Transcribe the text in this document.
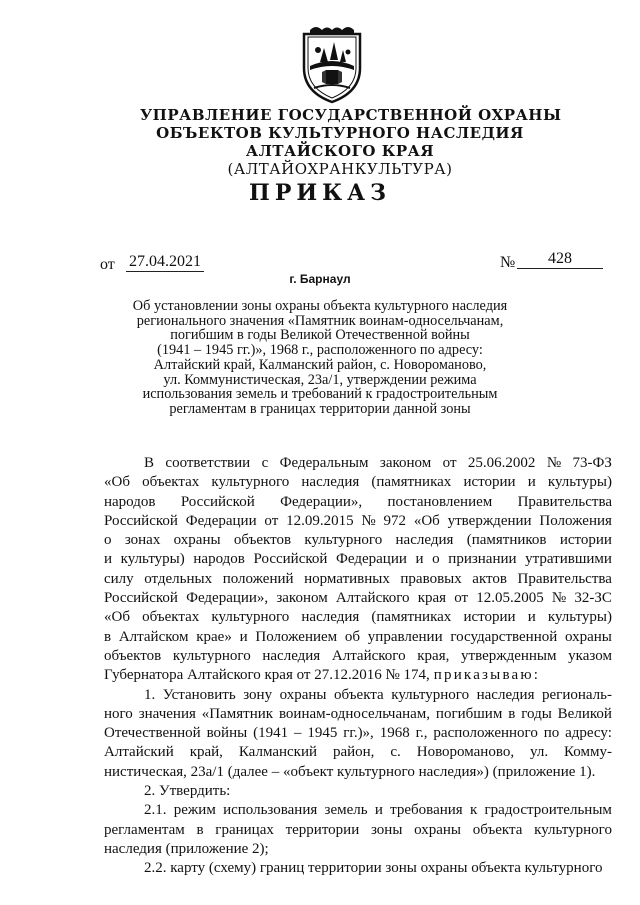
УПРАВЛЕНИЕ ГОСУДАРСТВЕННОЙ ОХРАНЫ
ОБЪЕКТОВ КУЛЬТУРНОГО НАСЛЕДИЯ
АЛТАЙСКОГО КРАЯ
(АЛТАЙОХРАНКУЛЬТУРА)
ПРИКАЗ
от 27.04.2021	№	428
г. Барнаул
Об установлении зоны охраны объекта культурного наследия
регионального значения «Памятник воинам-односельчанам,
погибшим в годы Великой Отечественной войны
(1941 – 1945 гг.)», 1968 г., расположенного по адресу:
Алтайский край, Калманский район, с. Новороманово,
ул. Коммунистическая, 23а/1, утверждении режима
использования земель и требований к градостроительным
регламентам в границах территории данной зоны
В соответствии с Федеральным законом от 25.06.2002 № 73-ФЗ
«Об объектах культурного наследия (памятниках истории и культуры)
народов Российской Федерации», постановлением Правительства
Российской Федерации от 12.09.2015 № 972 «Об утверждении Положения
о зонах охраны объектов культурного наследия (памятников истории
и культуры) народов Российской Федерации и о признании утратившими
силу отдельных положений нормативных правовых актов Правительства
Российской Федерации», законом Алтайского края от 12.05.2005 № 32-ЗС
«Об объектах культурного наследия (памятниках истории и культуры)
в Алтайском крае» и Положением об управлении государственной охраны
объектов культурного наследия Алтайского края, утвержденным указом
Губернатора Алтайского края от 27.12.2016 № 174, приказываю:
1. Установить зону охраны объекта культурного наследия региональ-
ного значения «Памятник воинам-односельчанам, погибшим в годы Великой
Отечественной войны (1941 – 1945 гг.)», 1968 г., расположенного по адресу:
Алтайский край, Калманский район, с. Новороманово, ул. Комму-
нистическая, 23а/1 (далее – «объект культурного наследия») (приложение 1).
2. Утвердить:
2.1. режим использования земель и требования к градостроительным
регламентам в границах территории зоны охраны объекта культурного
наследия (приложение 2);
2.2. карту (схему) границ территории зоны охраны объекта культурного
